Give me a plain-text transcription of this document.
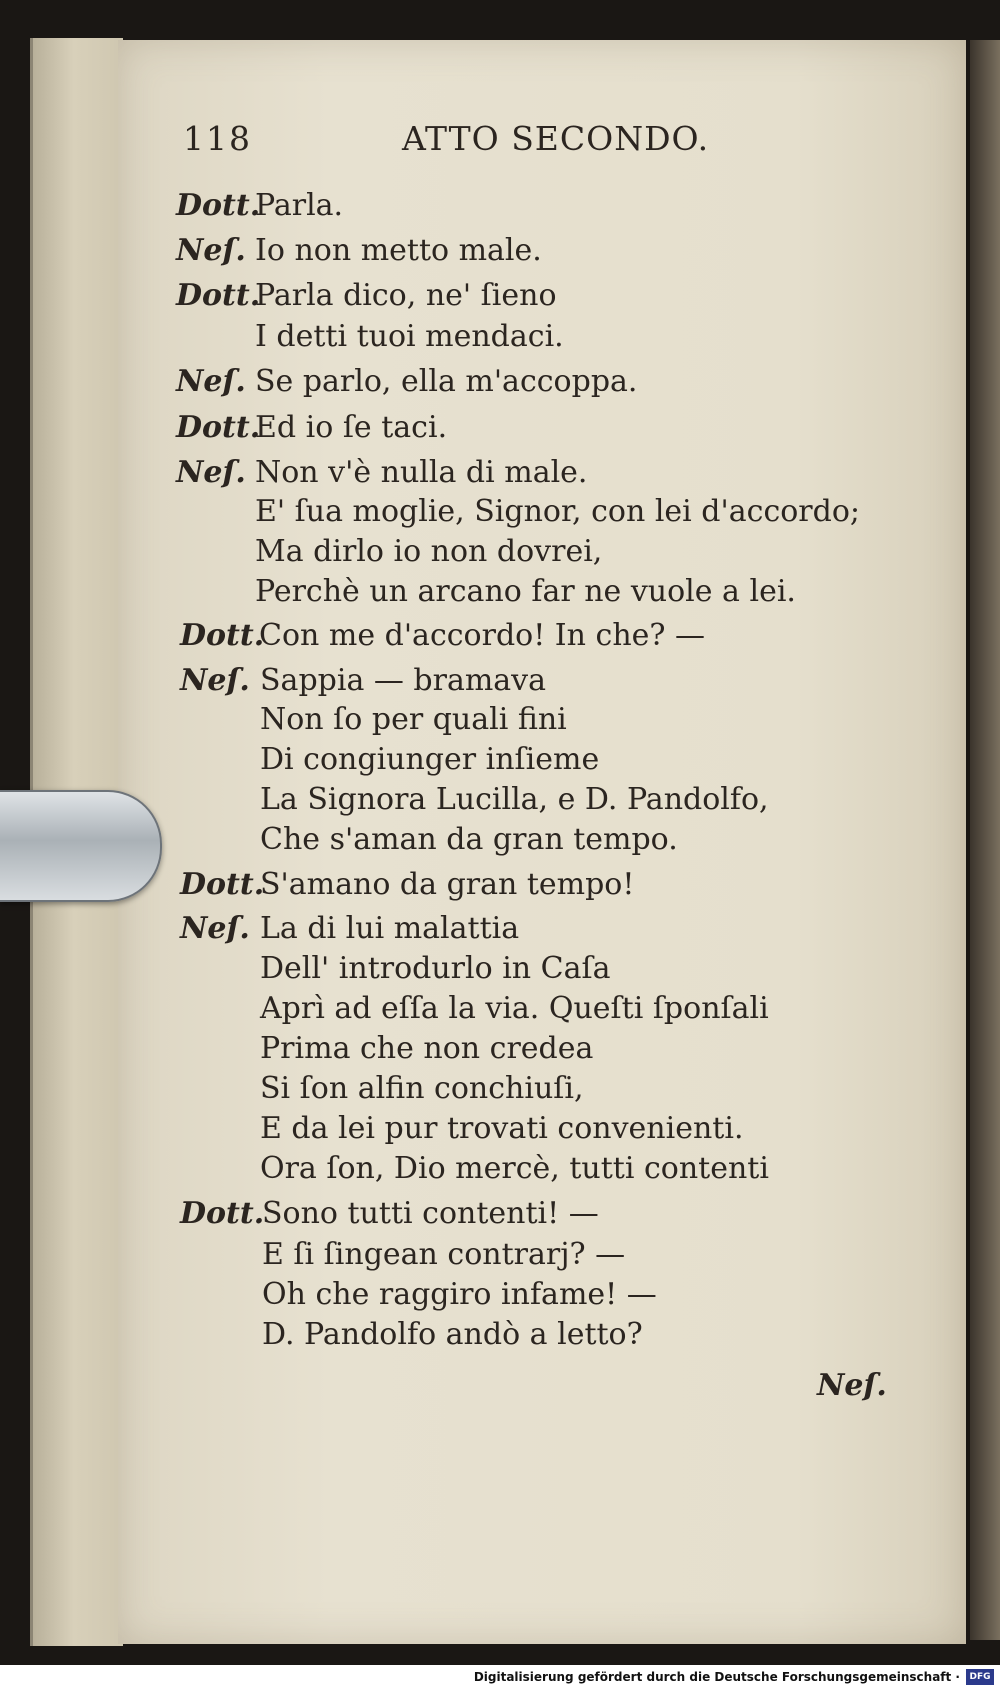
118	ATTO SECONDO.
Dott.
Parla.
Neſ. Io non metto male.
Dott.
Parla dico, ne' ſieno
I detti tuoi mendaci.
Neſ. Se parlo, ella m'accoppa.
Dott.
Ed io ſe taci.
Neſ. Non v'è nulla di male.
E' ſua moglie, Signor, con lei d'accordo;
Ma dirlo io non dovrei,
Perchè un arcano far ne vuole a lei.
Dott.
Con me d'accordo! In che? —
Neſ. Sappia — bramava
Non ſo per quali fini
Di congiunger inſieme
La Signora Lucilla, e D. Pandolfo,
Che s'aman da gran tempo.
Dott.
S'amano da gran tempo!
Neſ. La di lui malattia
Dell' introdurlo in Caſa
Aprì ad eſſa la via. Queſti ſponſali
Prima che non credea
Si ſon alfin conchiuſi,
E da lei pur trovati convenienti.
Ora ſon, Dio mercè, tutti contenti
Dott.
Sono tutti contenti! —
E ſi ſingean contrarj? —
Oh che raggiro infame! —
D. Pandolfo andò a letto?
Neſ.
Digitalisierung gefördert durch die Deutsche Forschungsgemeinschaft ·	DFG
